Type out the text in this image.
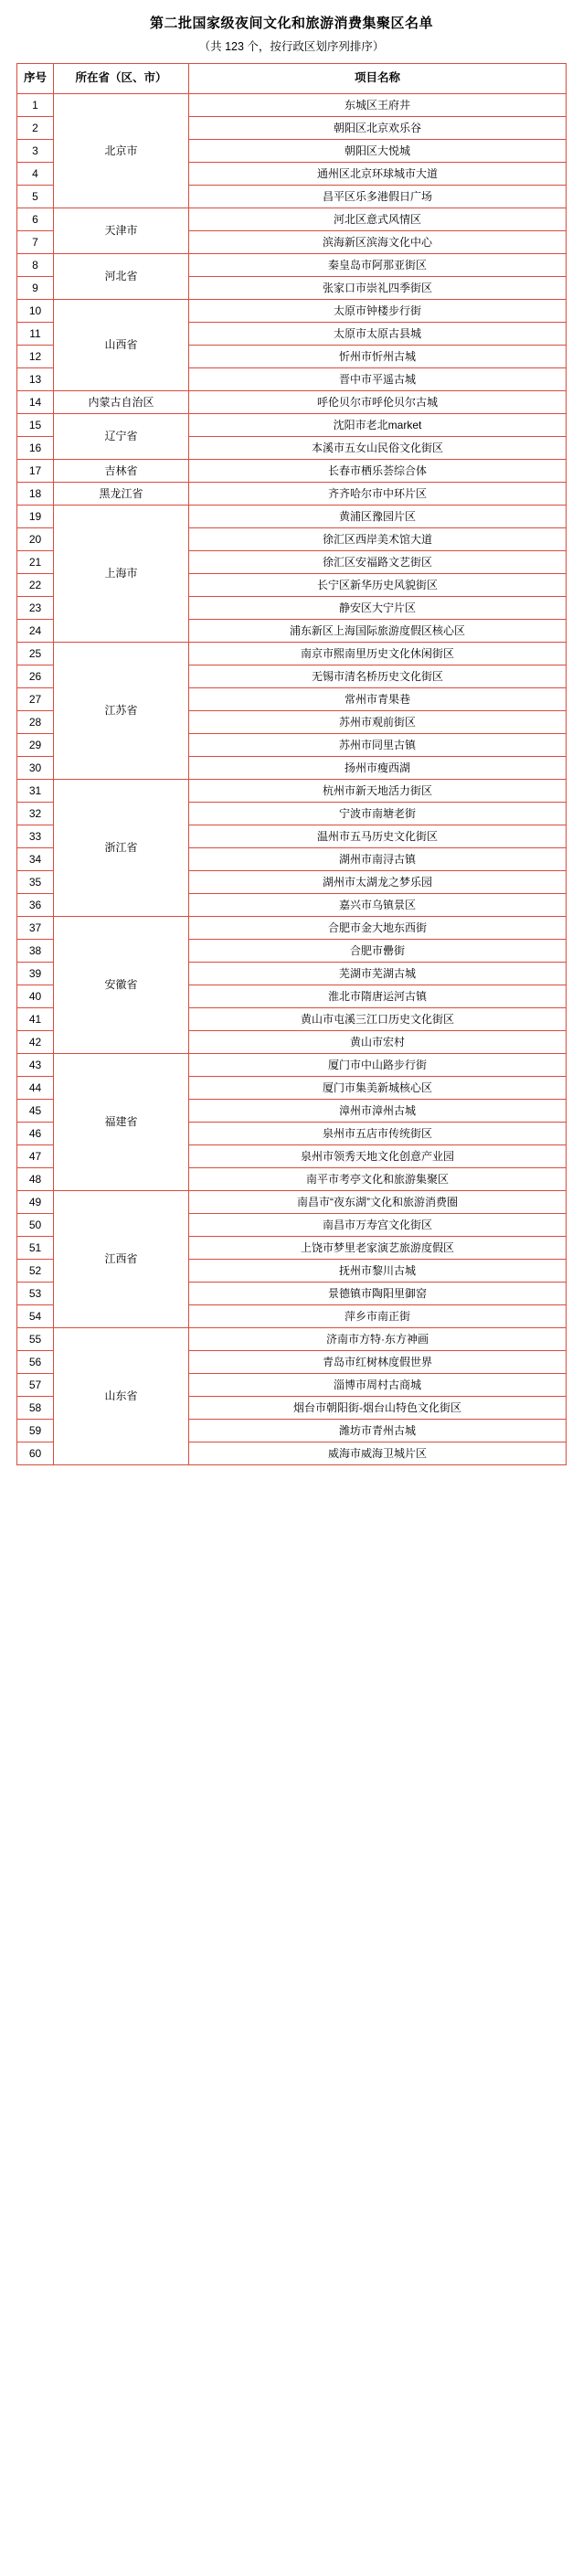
第二批国家级夜间文化和旅游消费集聚区名单
（共 123 个，按行政区划序列排序）
序号	所在省（区、市）	项目名称
1	北京市	东城区王府井
2		朝阳区北京欢乐谷
3		朝阳区大悦城
4		通州区北京环球城市大道
5		昌平区乐多港假日广场
6	天津市	河北区意式风情区
7		滨海新区滨海文化中心
8	河北省	秦皇岛市阿那亚街区
9		张家口市崇礼四季街区
10	山西省	太原市钟楼步行街
11		太原市太原古县城
12		忻州市忻州古城
13		晋中市平遥古城
14	内蒙古自治区	呼伦贝尔市呼伦贝尔古城
15	辽宁省	沈阳市老北market
16		本溪市五女山民俗文化街区
17	吉林省	长春市栖乐荟综合体
18	黑龙江省	齐齐哈尔市中环片区
19	上海市	黄浦区豫园片区
20		徐汇区西岸美术馆大道
21		徐汇区安福路文艺街区
22		长宁区新华历史风貌街区
23		静安区大宁片区
24		浦东新区上海国际旅游度假区核心区
25	江苏省	南京市熙南里历史文化休闲街区
26		无锡市清名桥历史文化街区
27		常州市青果巷
28		苏州市观前街区
29		苏州市同里古镇
30		扬州市瘦西湖
31	浙江省	杭州市新天地活力街区
32		宁波市南塘老街
33		温州市五马历史文化街区
34		湖州市南浔古镇
35		湖州市太湖龙之梦乐园
36		嘉兴市乌镇景区
37	安徽省	合肥市金大地东西街
38		合肥市罍街
39		芜湖市芜湖古城
40		淮北市隋唐运河古镇
41		黄山市屯溪三江口历史文化街区
42		黄山市宏村
43	福建省	厦门市中山路步行街
44		厦门市集美新城核心区
45		漳州市漳州古城
46		泉州市五店市传统街区
47		泉州市领秀天地文化创意产业园
48		南平市考亭文化和旅游集聚区
49	江西省	南昌市“夜东湖”文化和旅游消费圈
50		南昌市万寿宫文化街区
51		上饶市梦里老家演艺旅游度假区
52		抚州市黎川古城
53		景德镇市陶阳里御窑
54		萍乡市南正街
55	山东省	济南市方特·东方神画
56		青岛市红树林度假世界
57		淄博市周村古商城
58		烟台市朝阳街-烟台山特色文化街区
59		潍坊市青州古城
60		威海市威海卫城片区
